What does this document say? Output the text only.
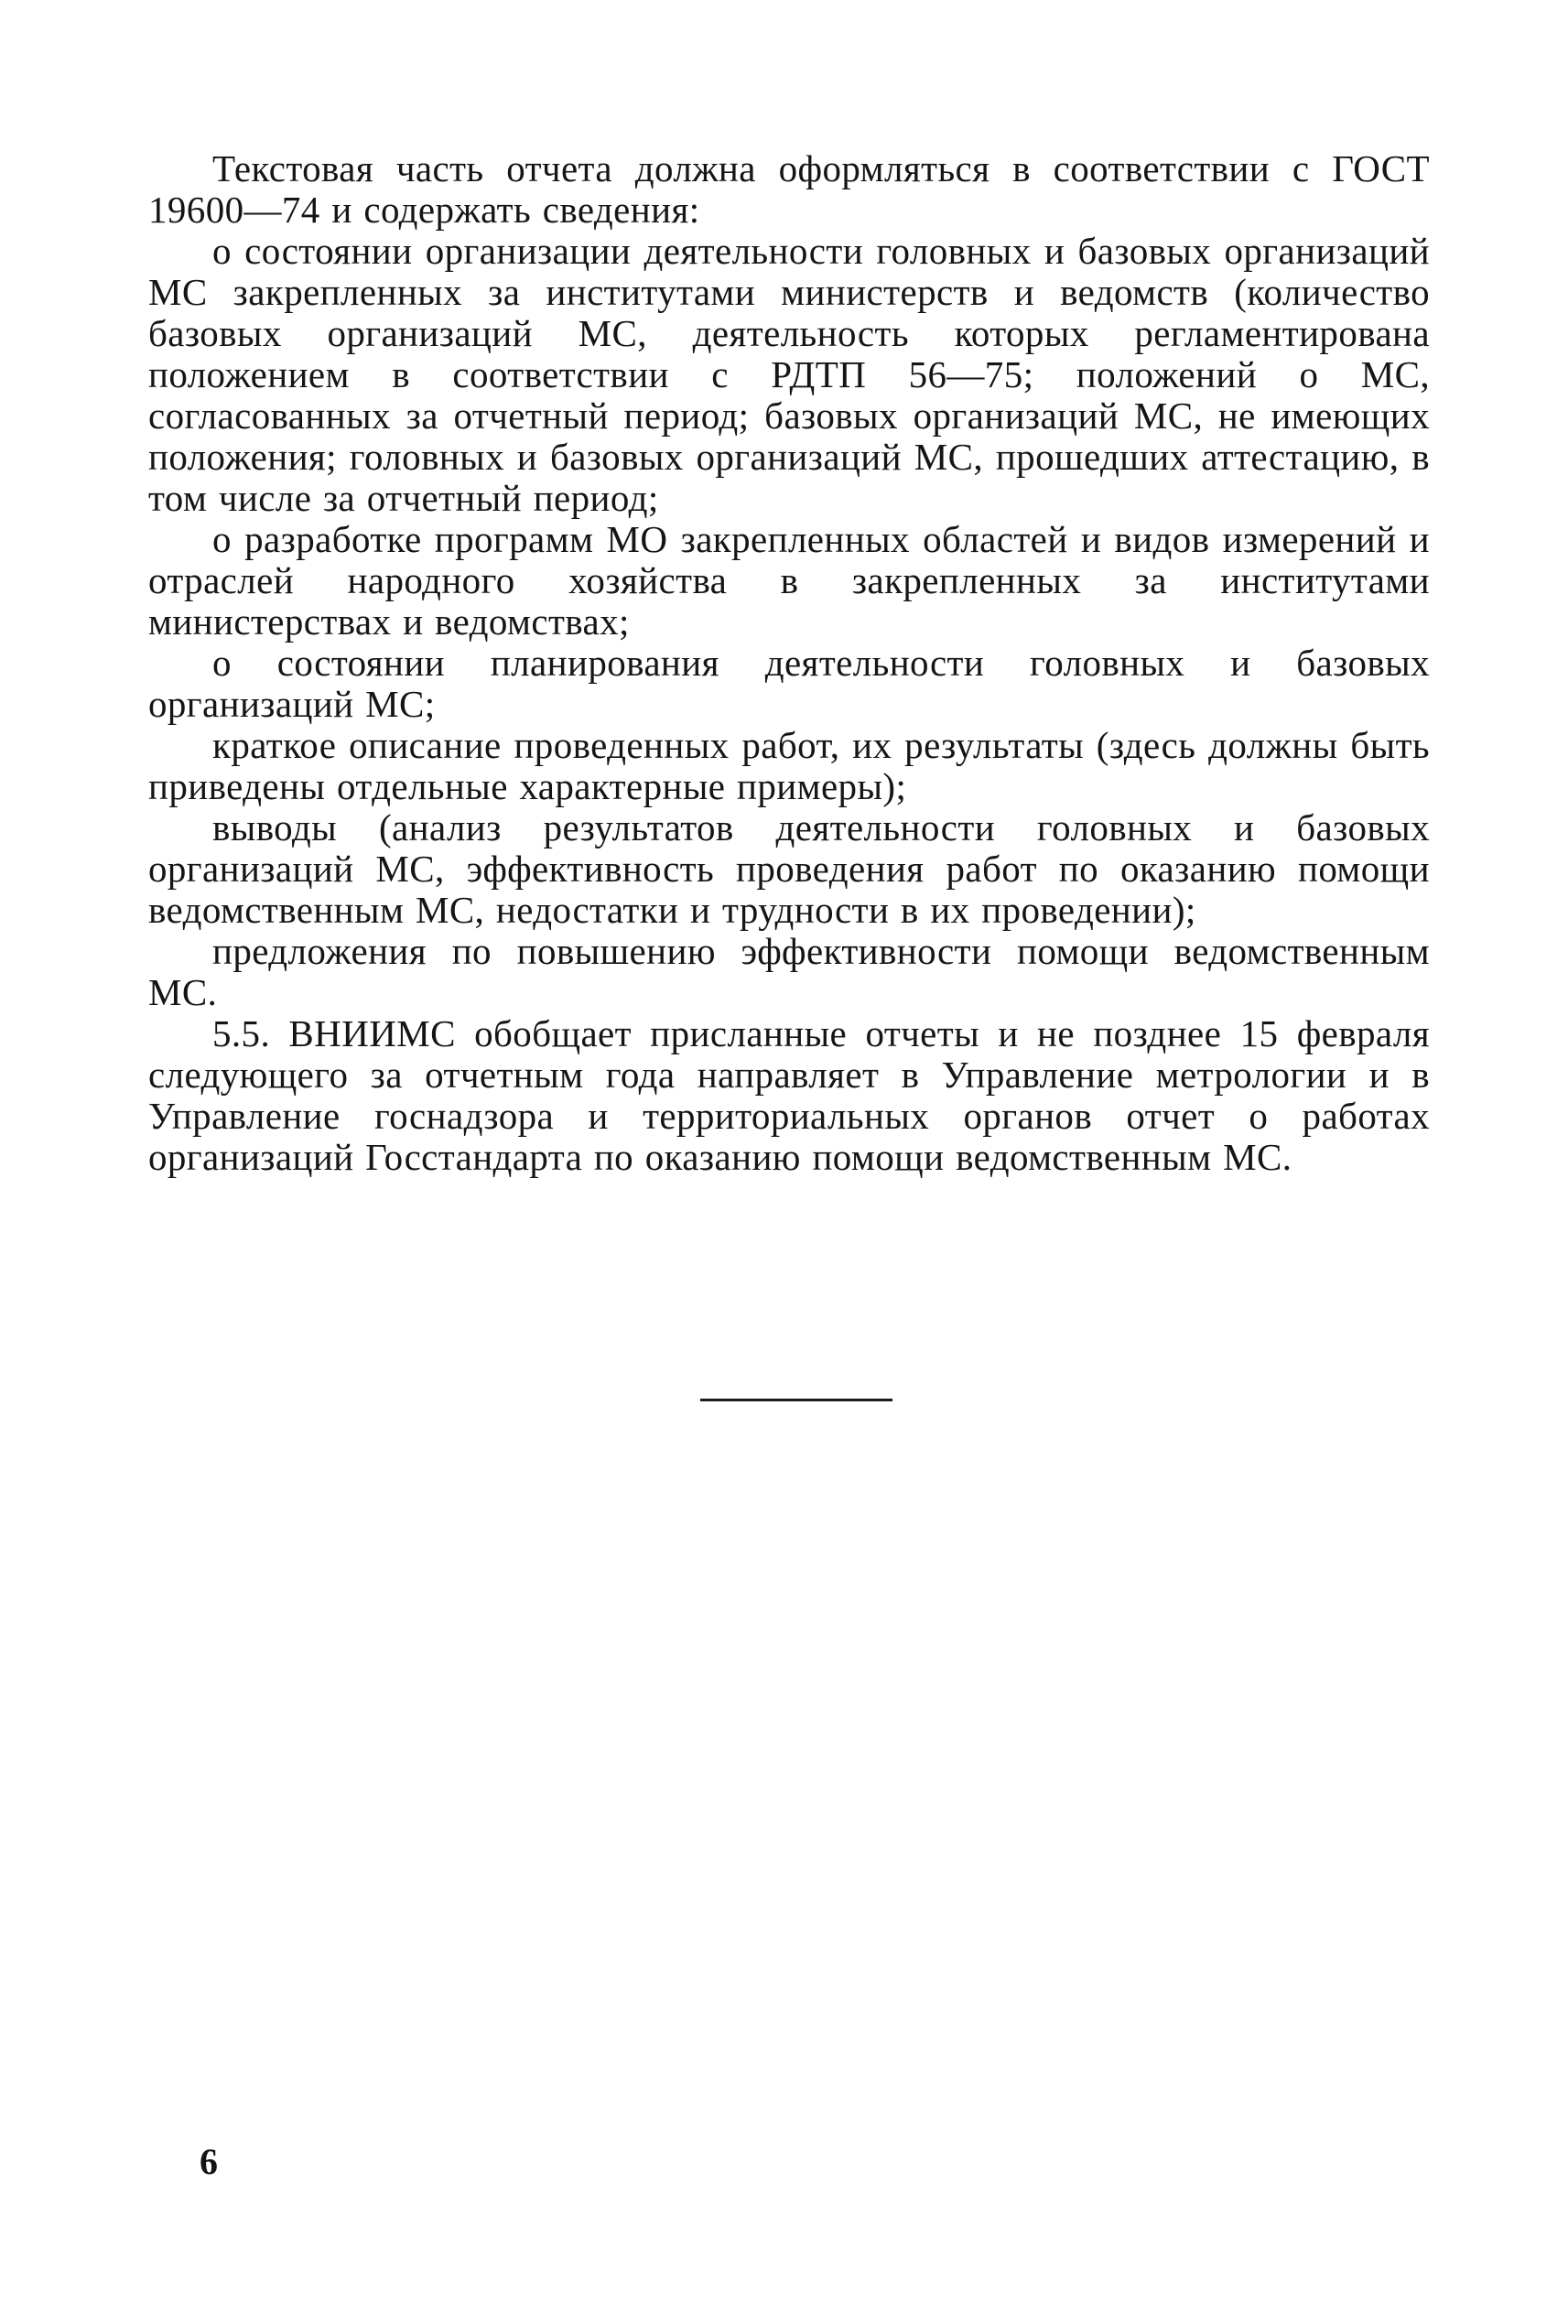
Текстовая часть отчета должна оформляться в соответствии с ГОСТ 19600—74 и содержать сведения:

о состоянии организации деятельности головных и базовых организаций МС закрепленных за институтами министерств и ведомств (количество базовых организаций МС, деятельность которых регламентирована положением в соответствии с РДТП 56—75; положений о МС, согласованных за отчетный период; базовых организаций МС, не имеющих положения; головных и базовых организаций МС, прошедших аттестацию, в том числе за отчетный период;

о разработке программ МО закрепленных областей и видов измерений и отраслей народного хозяйства в закрепленных за институтами министерствах и ведомствах;

о состоянии планирования деятельности головных и базовых организаций МС;

краткое описание проведенных работ, их результаты (здесь должны быть приведены отдельные характерные примеры);

выводы (анализ результатов деятельности головных и базовых организаций МС, эффективность проведения работ по оказанию помощи ведомственным МС, недостатки и трудности в их проведении);

предложения по повышению эффективности помощи ведомственным МС.

5.5. ВНИИМС обобщает присланные отчеты и не позднее 15 февраля следующего за отчетным года направляет в Управление метрологии и в Управление госнадзора и территориальных органов отчет о работах организаций Госстандарта по оказанию помощи ведомственным МС.

6
